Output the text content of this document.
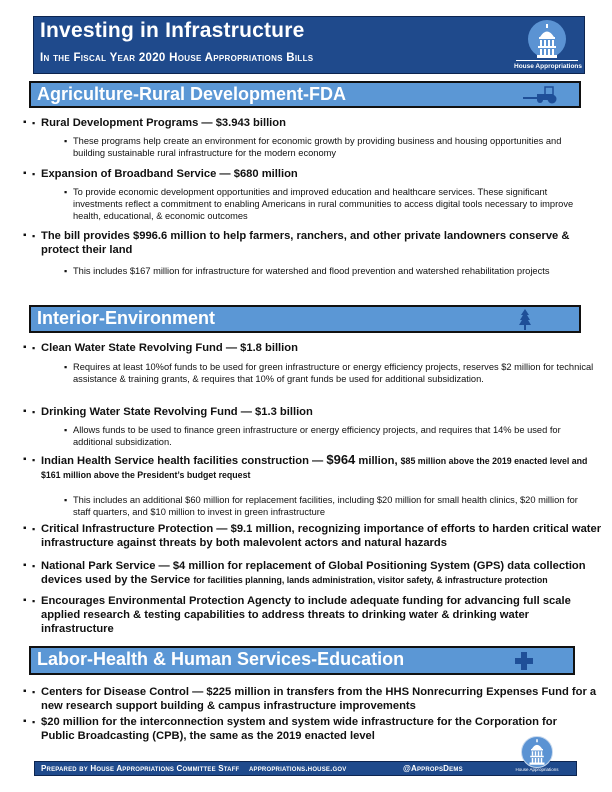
Investing in Infrastructure
In the Fiscal Year 2020 House Appropriations Bills
House Appropriations
Agriculture-Rural Development-FDA
▪ ▪ Rural Development Programs — $3.943 billion
▪ These programs help create an environment for economic growth by providing business and housing opportunities and building sustainable rural infrastructure for the modern economy
▪ ▪ Expansion of Broadband Service — $680 million
▪ To provide economic development opportunities and improved education and healthcare services. These significant investments reflect a commitment to enabling Americans in rural communities to access digital tools necessary to improve health, educational, & economic outcomes
▪ ▪ The bill provides $996.6 million to help farmers, ranchers, and other private landowners conserve & protect their land
▪ This includes $167 million for infrastructure for watershed and flood prevention and watershed rehabilitation projects
Interior-Environment
▪ ▪ Clean Water State Revolving Fund — $1.8 billion
▪ Requires at least 10%of funds to be used for green infrastructure or energy efficiency projects, reserves $2 million for technical assistance & training grants, & requires that 10% of grant funds be used for additional subsidization.
▪ ▪ Drinking Water State Revolving Fund — $1.3 billion
▪ Allows funds to be used to finance green infrastructure or energy efficiency projects, and requires that 14% be used for additional subsidization.
▪ ▪ Indian Health Service health facilities construction — $964 million, $85 million above the 2019 enacted level and $161 million above the President’s budget request
▪ This includes an additional $60 million for replacement facilities, including $20 million for small health clinics, $20 million for staff quarters, and $10 million to invest in green infrastructure
▪ ▪ Critical Infrastructure Protection — $9.1 million, recognizing importance of efforts to harden critical water infrastructure against threats by both malevolent actors and natural hazards
▪ ▪ National Park Service — $4 million for replacement of Global Positioning System (GPS) data collection devices used by the Service for facilities planning, lands administration, visitor safety, & infrastructure protection
▪ ▪ Encourages Environmental Protection Agencty to include adequate funding for advancing full scale applied research & testing capabilities to address threats to drinking water & drinking water infrastructure
Labor-Health & Human Services-Education
▪ ▪ Centers for Disease Control — $225 million in transfers from the HHS Nonrecurring Expenses Fund for a new research support building & campus infrastructure improvements
▪ ▪ $20 million for the interconnection system and system wide infrastructure for the Corporation for Public Broadcasting (CPB), the same as the 2019 enacted level
Prepared by House Appropriations Committee Staff appropriations.house.gov	@AppropsDems	House Appropriations
